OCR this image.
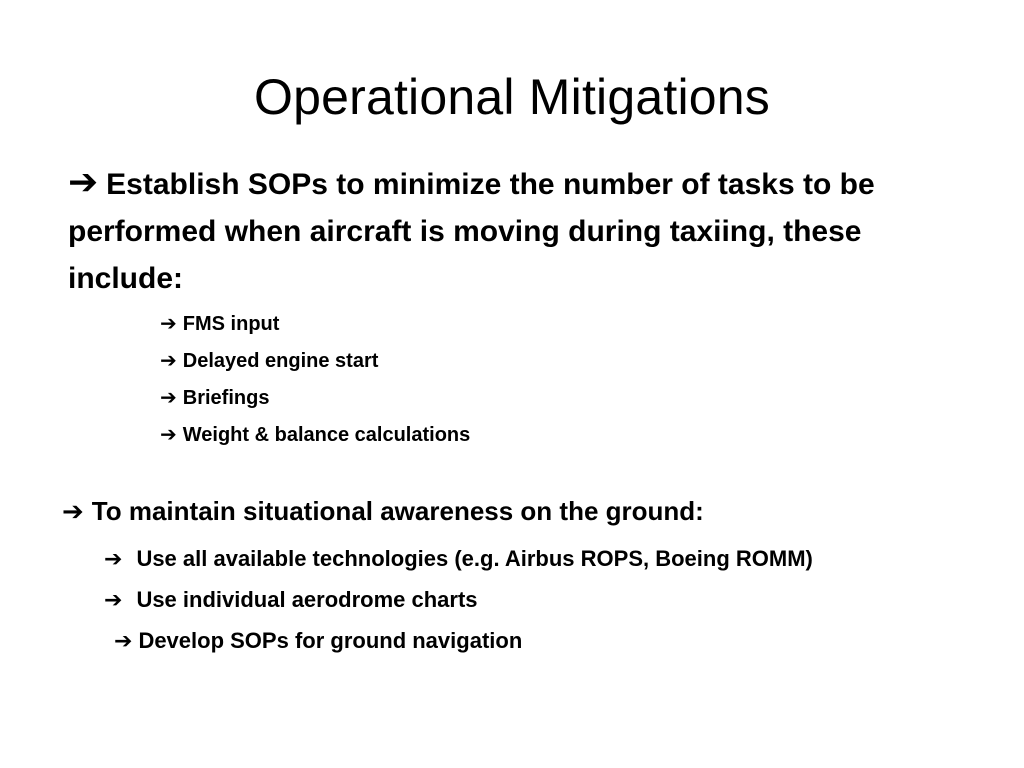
Operational Mitigations
➔ Establish SOPs to minimize the number of tasks to be performed when aircraft is moving during taxiing, these include:
➔ FMS input
➔ Delayed engine start
➔ Briefings
➔ Weight & balance calculations
➔ To maintain situational awareness on the ground:
➔ Use all available technologies (e.g. Airbus ROPS, Boeing ROMM)
➔ Use individual aerodrome charts
➔ Develop SOPs for ground navigation
